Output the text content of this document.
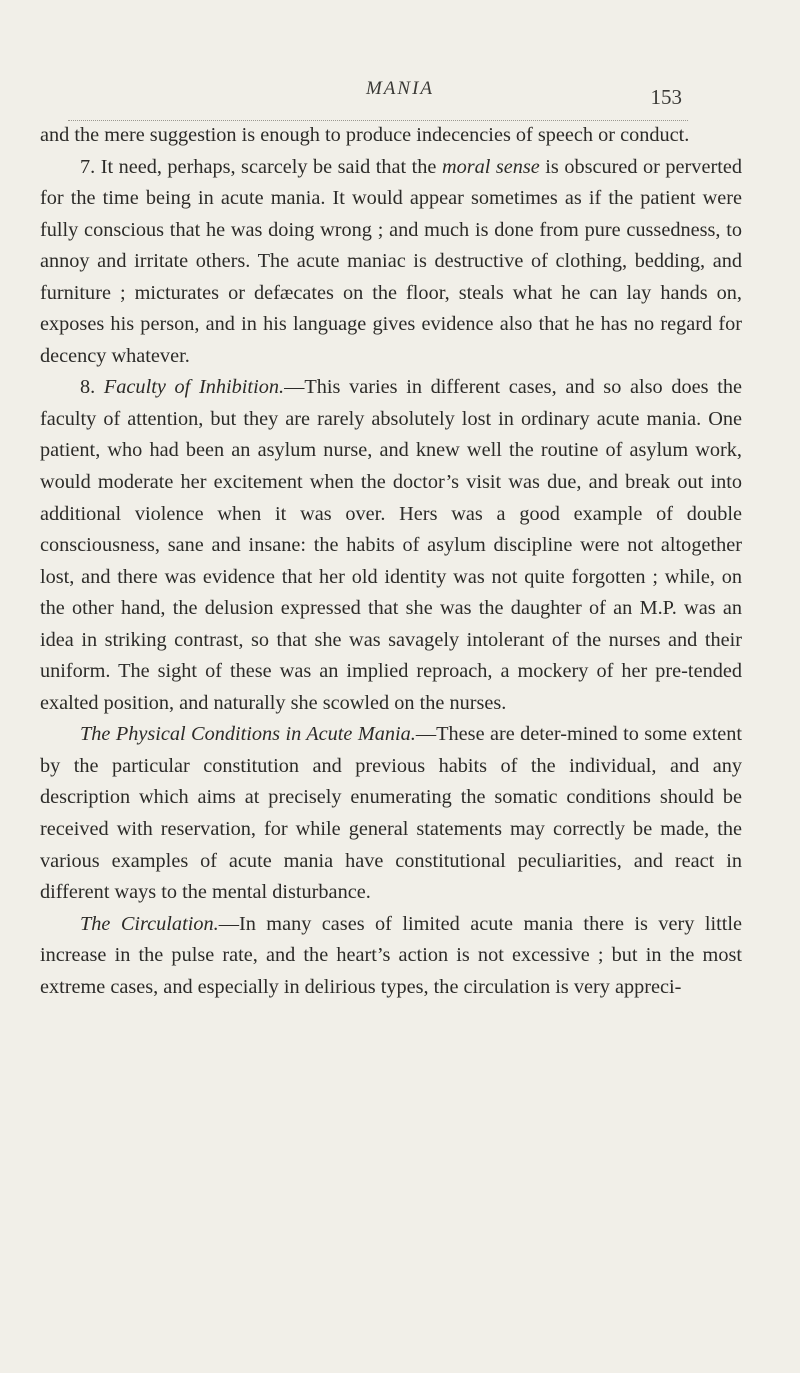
MANIA	153

and the mere suggestion is enough to produce indecencies of speech or conduct.

7. It need, perhaps, scarcely be said that the moral sense is obscured or perverted for the time being in acute mania. It would appear sometimes as if the patient were fully conscious that he was doing wrong ; and much is done from pure cussedness, to annoy and irritate others. The acute maniac is destructive of clothing, bedding, and furniture ; micturates or defæcates on the floor, steals what he can lay hands on, exposes his person, and in his language gives evidence also that he has no regard for decency whatever.

8. Faculty of Inhibition.—This varies in different cases, and so also does the faculty of attention, but they are rarely absolutely lost in ordinary acute mania. One patient, who had been an asylum nurse, and knew well the routine of asylum work, would moderate her excitement when the doctor’s visit was due, and break out into additional violence when it was over. Hers was a good example of double consciousness, sane and insane: the habits of asylum discipline were not altogether lost, and there was evidence that her old identity was not quite forgotten ; while, on the other hand, the delusion expressed that she was the daughter of an M.P. was an idea in striking contrast, so that she was savagely intolerant of the nurses and their uniform. The sight of these was an implied reproach, a mockery of her pre-tended exalted position, and naturally she scowled on the nurses.

The Physical Conditions in Acute Mania.—These are deter-mined to some extent by the particular constitution and previous habits of the individual, and any description which aims at precisely enumerating the somatic conditions should be received with reservation, for while general statements may correctly be made, the various examples of acute mania have constitutional peculiarities, and react in different ways to the mental disturbance.

The Circulation.—In many cases of limited acute mania there is very little increase in the pulse rate, and the heart’s action is not excessive ; but in the most extreme cases, and especially in delirious types, the circulation is very appreci-
